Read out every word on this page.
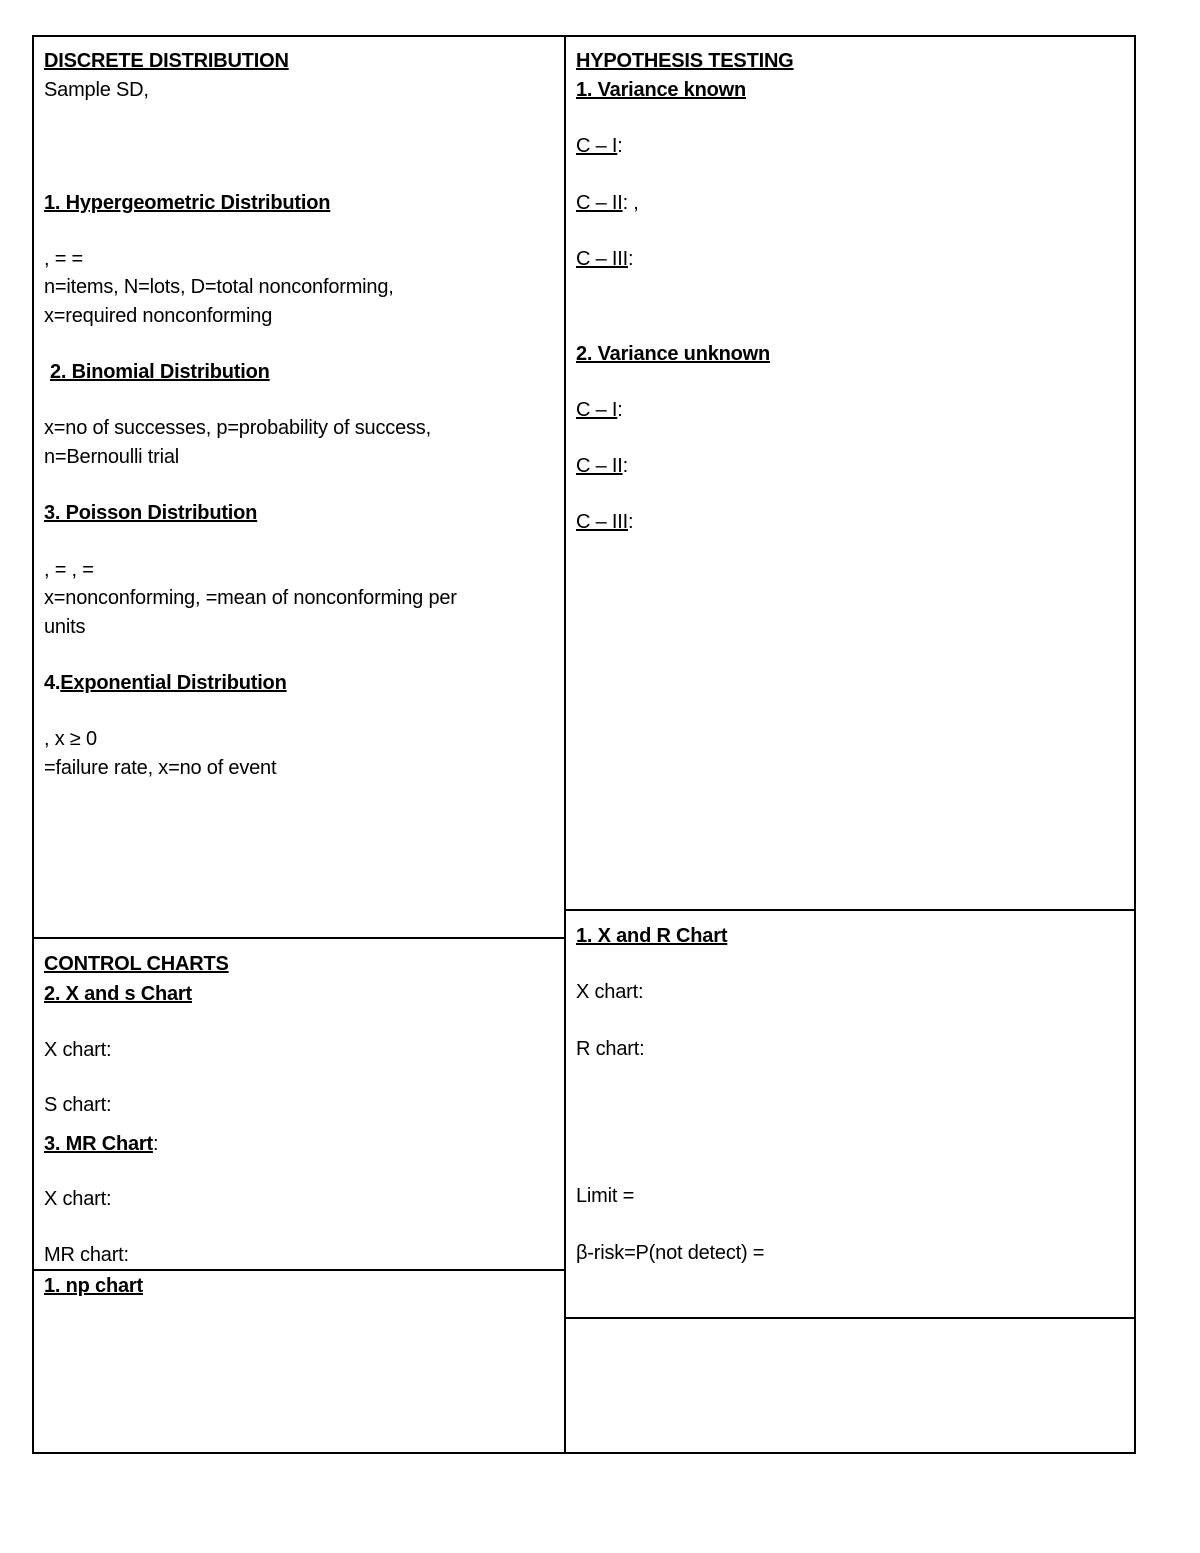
DISCRETE DISTRIBUTION
Sample SD,
1. Hypergeometric Distribution
, = =
n=items, N=lots, D=total nonconforming,
x=required nonconforming
2. Binomial Distribution
x=no of successes, p=probability of success,
n=Bernoulli trial
3. Poisson Distribution
, = , =
x=nonconforming, =mean of nonconforming per
units
4.Exponential Distribution
, x ≥ 0
=failure rate, x=no of event
HYPOTHESIS TESTING
1. Variance known
C – I:
C – II: ,
C – III:
2. Variance unknown
C – I:
C – II:
C – III:
CONTROL CHARTS
2. X and s Chart
X chart:
S chart:
3. MR Chart:
X chart:
MR chart:
1. np chart
1. X and R Chart
X chart:
R chart:
Limit =
β-risk=P(not detect) =
